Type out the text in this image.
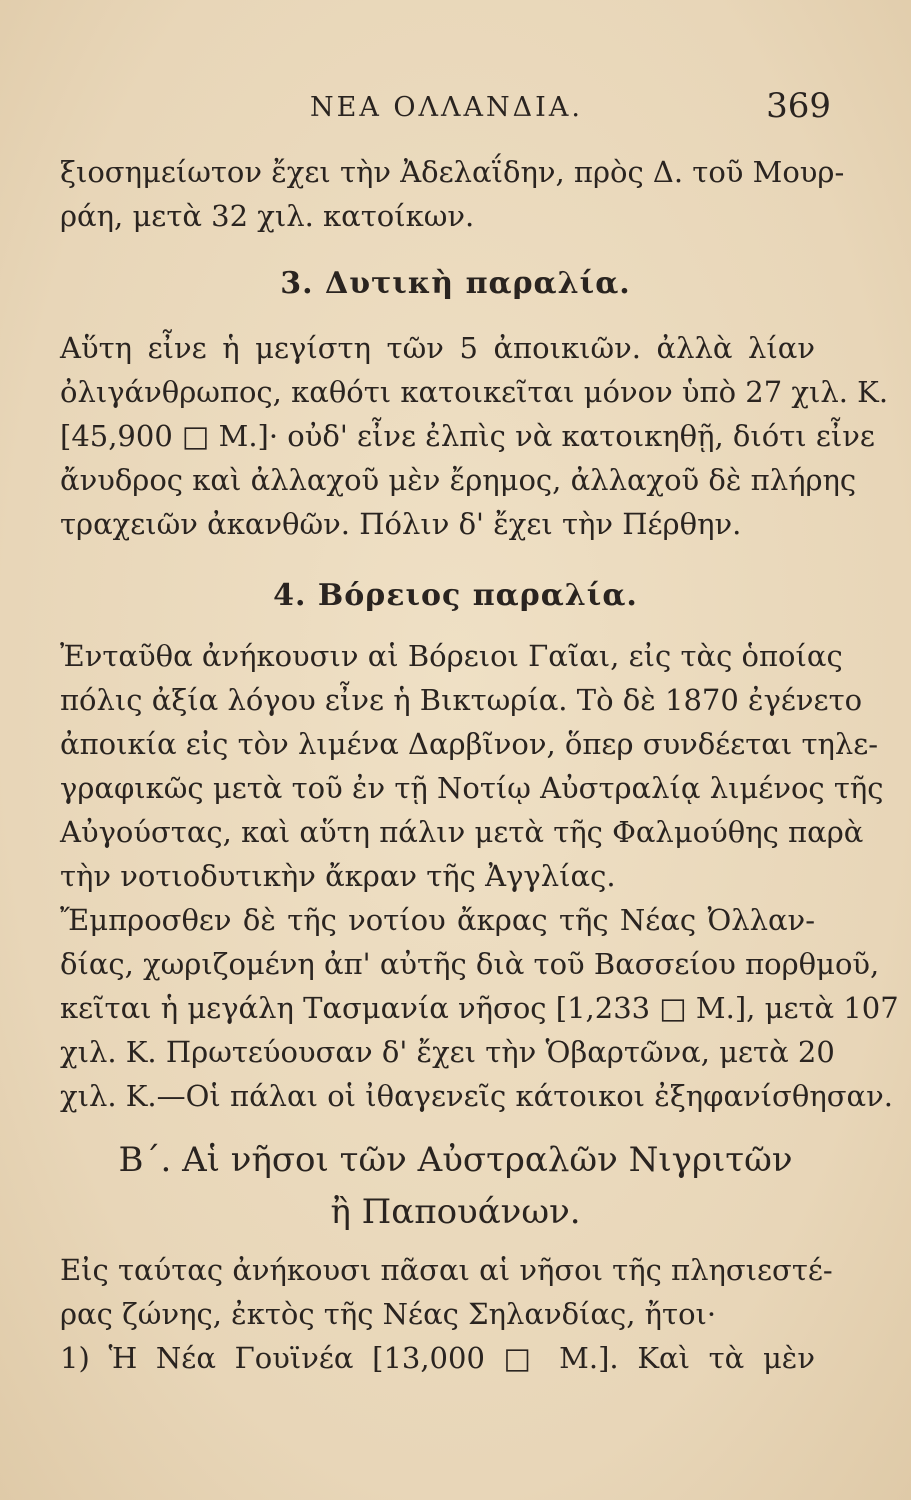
ΝΕΑ ΟΛΛΑΝΔΙΑ.	369
ξιοσημείωτον ἔχει τὴν Ἀδελαΐδην, πρὸς Δ. τοῦ Μουρ-
ράη, μετὰ 32 χιλ. κατοίκων.
3. Δυτικὴ παραλία.
Αὕτη εἶνε ἡ μεγίστη τῶν 5 ἀποικιῶν. ἀλλὰ λίαν
ὀλιγάνθρωπος, καθότι κατοικεῖται μόνον ὑπὸ 27 χιλ. Κ.
[45,900 □ Μ.]· οὐδ' εἶνε ἐλπὶς νὰ κατοικηθῇ, διότι εἶνε
ἄνυδρος καὶ ἀλλαχοῦ μὲν ἔρημος, ἀλλαχοῦ δὲ πλήρης
τραχειῶν ἀκανθῶν. Πόλιν δ' ἔχει τὴν Πέρθην.
4. Βόρειος παραλία.
Ἐνταῦθα ἀνήκουσιν αἱ Βόρειοι Γαῖαι, εἰς τὰς ὁποίας
πόλις ἀξία λόγου εἶνε ἡ Βικτωρία. Τὸ δὲ 1870 ἐγένετο
ἀποικία εἰς τὸν λιμένα Δαρβῖνον, ὅπερ συνδέεται τηλε-
γραφικῶς μετὰ τοῦ ἐν τῇ Νοτίῳ Αὐστραλίᾳ λιμένος τῆς
Αὐγούστας, καὶ αὕτη πάλιν μετὰ τῆς Φαλμούθης παρὰ
τὴν νοτιοδυτικὴν ἄκραν τῆς Ἀγγλίας.
Ἔμπροσθεν δὲ τῆς νοτίου ἄκρας τῆς Νέας Ὀλλαν-
δίας, χωριζομένη ἀπ' αὐτῆς διὰ τοῦ Βασσείου πορθμοῦ,
κεῖται ἡ μεγάλη Τασμανία νῆσος [1,233 □ Μ.], μετὰ 107
χιλ. Κ. Πρωτεύουσαν δ' ἔχει τὴν Ὁβαρτῶνα, μετὰ 20
χιλ. Κ.—Οἱ πάλαι οἱ ἰθαγενεῖς κάτοικοι ἐξηφανίσθησαν.
Β΄. Αἱ νῆσοι τῶν Αὐστραλῶν Νιγριτῶν
ἢ Παπουάνων.
Εἰς ταύτας ἀνήκουσι πᾶσαι αἱ νῆσοι τῆς πλησιεστέ-
ρας ζώνης, ἐκτὸς τῆς Νέας Σηλανδίας, ἤτοι·
1) Ἡ Νέα Γουϊνέα [13,000 □ Μ.]. Καὶ τὰ μὲν
